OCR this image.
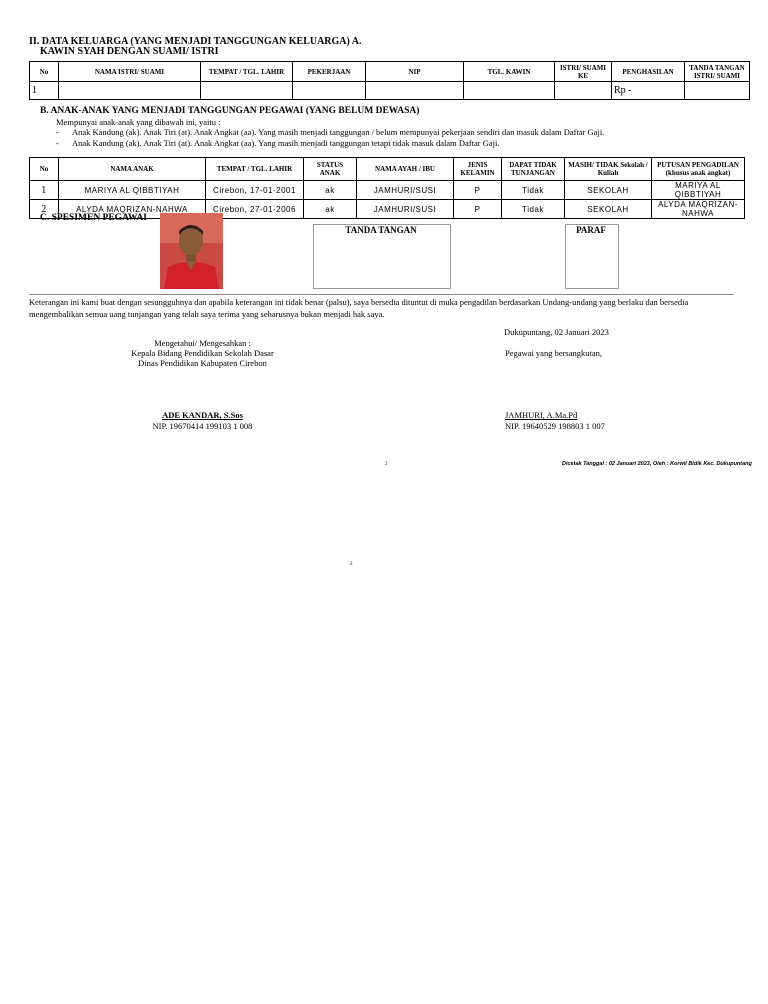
II. DATA KELUARGA (YANG MENJADI TANGGUNGAN KELUARGA) A.
KAWIN SYAH DENGAN SUAMI/ ISTRI
No	NAMA ISTRI/ SUAMI	TEMPAT / TGL. LAHIR	PEKERJAAN	NIP	TGL. KAWIN	ISTRI/ SUAMI KE	PENGHASILAN	TANDA TANGAN ISTRI/ SUAMI
1							Rp -	
B. ANAK-ANAK YANG MENJADI TANGGUNGAN PEGAWAI (YANG BELUM DEWASA)
Mempunyai anak-anak yang dibawah ini, yaitu :
- Anak Kandung (ak). Anak Tiri (at). Anak Angkat (aa). Yang masih menjadi tanggungan / belum mempunyai pekerjaan sendiri dan masuk dalam Daftar Gaji.
- Anak Kandung (ak). Anak Tiri (at). Anak Angkat (aa). Yang masih menjadi tanggungan tetapi tidak masuk dalam Daftar Gaji.
No	NAMA ANAK	TEMPAT / TGL. LAHIR	STATUS ANAK	NAMA AYAH / IBU	JENIS KELAMIN	DAPAT TIDAK TUNJANGAN	MASIH/ TIDAK Sekolah / Kuliah	PUTUSAN PENGADILAN (khusus anak angkat)
1	MARIYA AL QIBBTIYAH	Cirebon, 17-01-2001	ak	JAMHURI/SUSI	P	Tidak	SEKOLAH	MARIYA AL QIBBTIYAH
2	ALYDA MAQRIZAN-NAHWA	Cirebon, 27-01-2006	ak	JAMHURI/SUSI	P	Tidak	SEKOLAH	ALYDA MAQRIZAN-NAHWA
C. SPESIMEN PEGAWAI
TANDA TANGAN	PARAF
Keterangan ini kami buat dengan sesungguhnya dan apabila keterangan ini tidak benar (palsu), saya bersedia dituntut di muka pengadilan berdasarkan Undang-undang yang berlaku dan bersedia mengembalikan semua uang tunjangan yang telah saya terima yang seharusnya bukan menjadi hak saya.
Dukupuntang, 02 Januari 2023
Mengetahui/ Mengesahkan :
Kepala Bidang Pendidikan Sekolah Dasar
Dinas Pendidikan Kabupaten Cirebon
Pegawai yang bersangkutan,
ADE KANDAR, S.Sos
NIP. 19670414 199103 1 008
JAMHURI, A.Ma.Pd
NIP. 19640529 198803 1 007
2	Dicetak Tanggal : 02 Januari 2023, Oleh : Korwil Bidik Kec. Dukupuntang
2
